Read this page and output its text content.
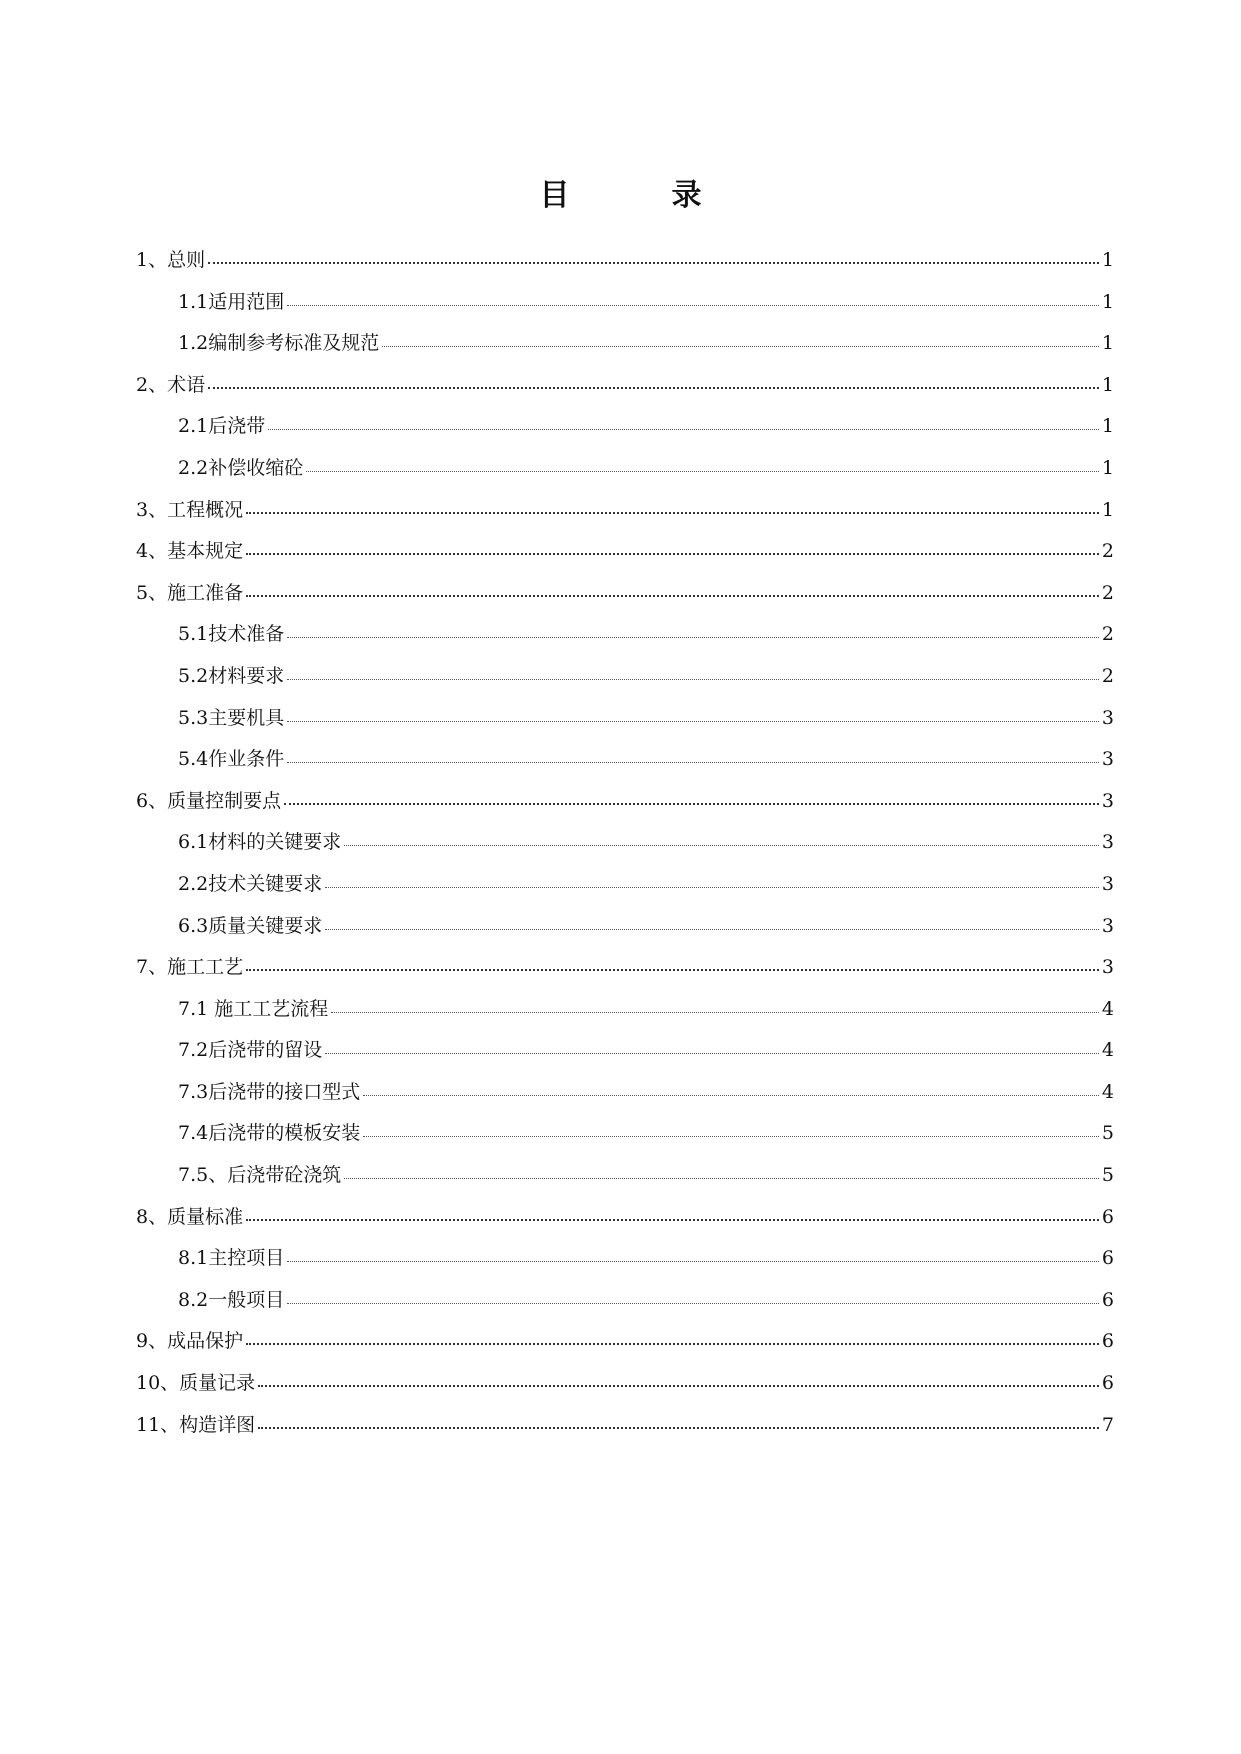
目　录
1、总则	1
1.1适用范围	1
1.2编制参考标准及规范	1
2、术语	1
2.1后浇带	1
2.2补偿收缩砼	1
3、工程概况	1
4、基本规定	2
5、施工准备	2
5.1技术准备	2
5.2材料要求	2
5.3主要机具	3
5.4作业条件	3
6、质量控制要点	3
6.1材料的关键要求	3
2.2技术关键要求	3
6.3质量关键要求	3
7、施工工艺	3
7.1 施工工艺流程	4
7.2后浇带的留设	4
7.3后浇带的接口型式	4
7.4后浇带的模板安装	5
7.5、后浇带砼浇筑	5
8、质量标准	6
8.1主控项目	6
8.2一般项目	6
9、成品保护	6
10、质量记录	6
11、构造详图	7
